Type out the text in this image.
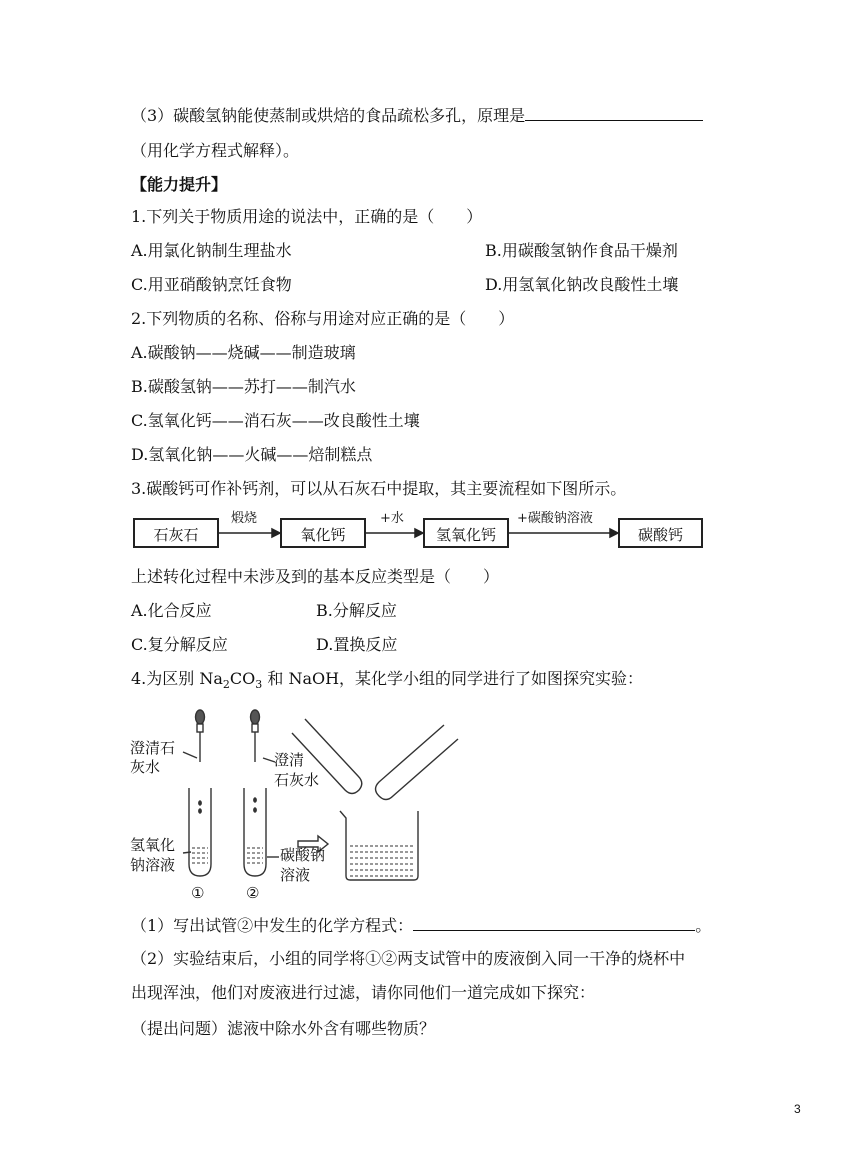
（3）碳酸氢钠能使蒸制或烘焙的食品疏松多孔，原理是
（用化学方程式解释）。
【能力提升】
1.下列关于物质用途的说法中，正确的是（　　）
A.用氯化钠制生理盐水	B.用碳酸氢钠作食品干燥剂
C.用亚硝酸钠烹饪食物	D.用氢氧化钠改良酸性土壤
2.下列物质的名称、俗称与用途对应正确的是（　　）
A.碳酸钠——烧碱——制造玻璃
B.碳酸氢钠——苏打——制汽水
C.氢氧化钙——消石灰——改良酸性土壤
D.氢氧化钠——火碱——焙制糕点
3.碳酸钙可作补钙剂，可以从石灰石中提取，其主要流程如下图所示。
石灰石	氧化钙	氢氧化钙	碳酸钙
煅烧	+水	+碳酸钠溶液
上述转化过程中未涉及到的基本反应类型是（　　）
A.化合反应	B.分解反应
C.复分解反应	D.置换反应
4.为区别 $Na_2CO_3$ 和 NaOH，某化学小组的同学进行了如图探究实验：
澄清石
灰水	澄清
石灰水
氢氧化
钠溶液
碳酸钠
溶液
①	②
（1）写出试管②中发生的化学方程式：	。
（2）实验结束后，小组的同学将①②两支试管中的废液倒入同一干净的烧杯中
出现浑浊，他们对废液进行过滤，请你同他们一道完成如下探究：
（提出问题）滤液中除水外含有哪些物质？
3
